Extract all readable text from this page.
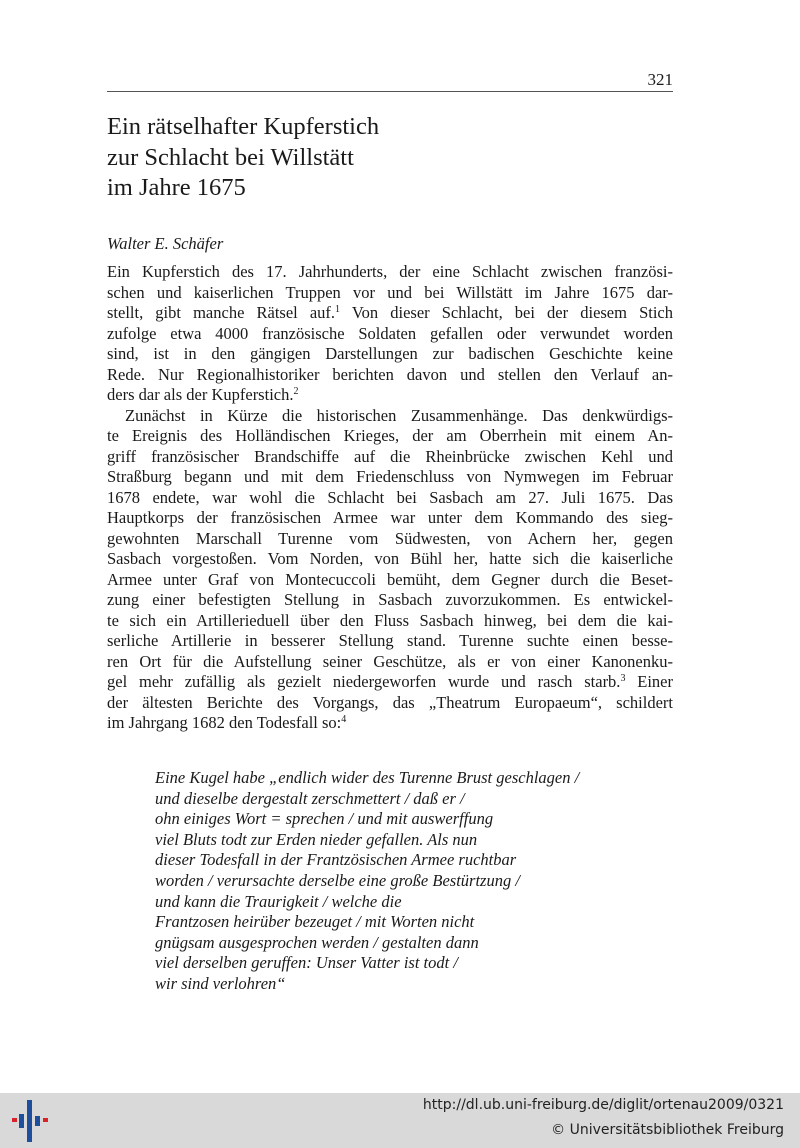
321
Ein rätselhafter Kupferstich
zur Schlacht bei Willstätt
im Jahre 1675
Walter E. Schäfer
Ein Kupferstich des 17. Jahrhunderts, der eine Schlacht zwischen französi-
schen und kaiserlichen Truppen vor und bei Willstätt im Jahre 1675 dar-
stellt, gibt manche Rätsel auf.$^1$ Von dieser Schlacht, bei der diesem Stich
zufolge etwa 4000 französische Soldaten gefallen oder verwundet worden
sind, ist in den gängigen Darstellungen zur badischen Geschichte keine
Rede. Nur Regionalhistoriker berichten davon und stellen den Verlauf an-
ders dar als der Kupferstich.$^2$
Zunächst in Kürze die historischen Zusammenhänge. Das denkwürdigs-
te Ereignis des Holländischen Krieges, der am Oberrhein mit einem An-
griff französischer Brandschiffe auf die Rheinbrücke zwischen Kehl und
Straßburg begann und mit dem Friedenschluss von Nymwegen im Februar
1678 endete, war wohl die Schlacht bei Sasbach am 27. Juli 1675. Das
Hauptkorps der französischen Armee war unter dem Kommando des sieg-
gewohnten Marschall Turenne vom Südwesten, von Achern her, gegen
Sasbach vorgestoßen. Vom Norden, von Bühl her, hatte sich die kaiserliche
Armee unter Graf von Montecuccoli bemüht, dem Gegner durch die Beset-
zung einer befestigten Stellung in Sasbach zuvorzukommen. Es entwickel-
te sich ein Artillerieduell über den Fluss Sasbach hinweg, bei dem die kai-
serliche Artillerie in besserer Stellung stand. Turenne suchte einen besse-
ren Ort für die Aufstellung seiner Geschütze, als er von einer Kanonenku-
gel mehr zufällig als gezielt niedergeworfen wurde und rasch starb.$^3$ Einer
der ältesten Berichte des Vorgangs, das „Theatrum Europaeum“, schildert
im Jahrgang 1682 den Todesfall so:$^4$
Eine Kugel habe „endlich wider des Turenne Brust geschlagen /
und dieselbe dergestalt zerschmettert / daß er /
ohn einiges Wort = sprechen / und mit auswerffung
viel Bluts todt zur Erden nieder gefallen. Als nun
dieser Todesfall in der Frantzösischen Armee ruchtbar
worden / verursachte derselbe eine große Bestürtzung /
und kann die Traurigkeit / welche die
Frantzosen heirüber bezeuget / mit Worten nicht
gnügsam ausgesprochen werden / gestalten dann
viel derselben geruffen: Unser Vatter ist todt /
wir sind verlohren“
http://dl.ub.uni-freiburg.de/diglit/ortenau2009/0321
© Universitätsbibliothek Freiburg
